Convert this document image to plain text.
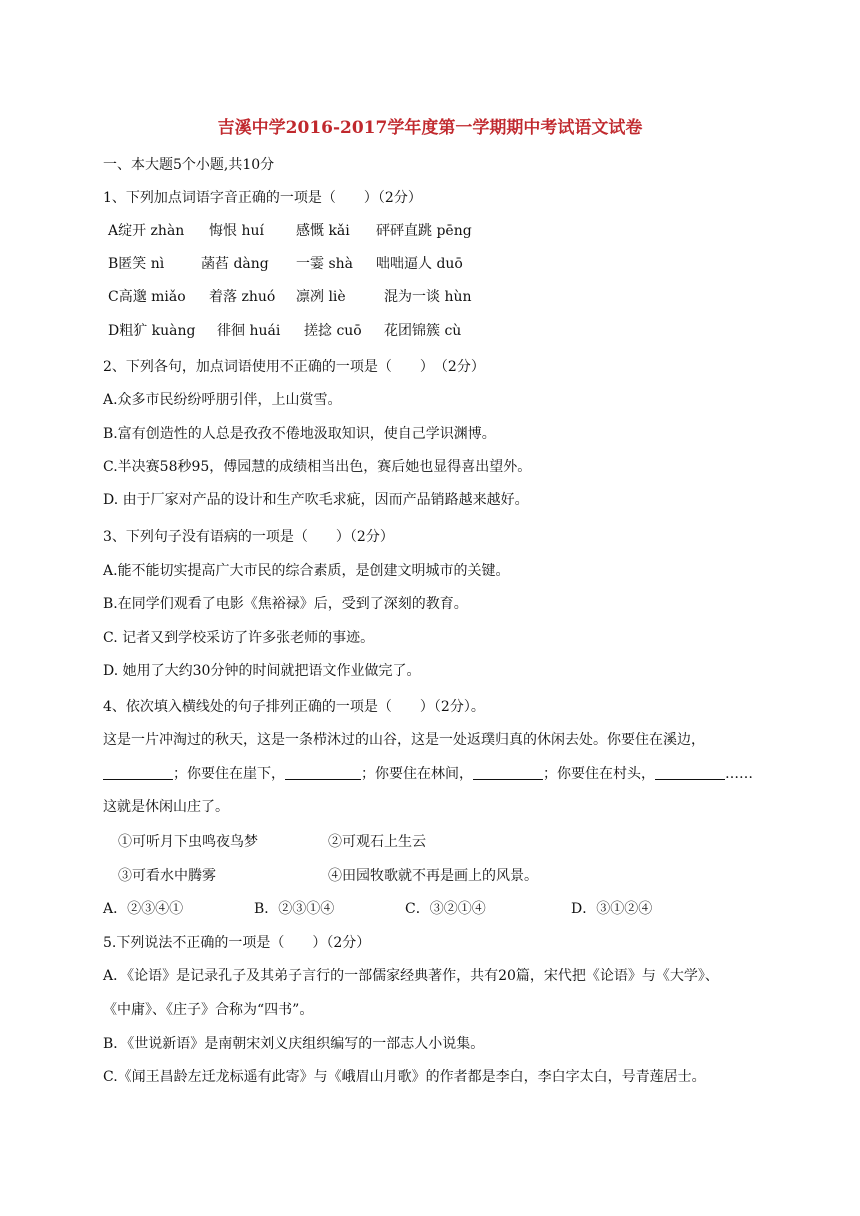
吉溪中学2016-2017学年度第一学期期中考试语文试卷
一、本大题5个小题,共10分
1、下列加点词语字音正确的一项是（　　）（2分）
A绽开 zhàn 悔恨 huí 感慨 kǎi 砰砰直跳 pēng
B匿笑 nì	菡萏 dàng 一霎 shà 咄咄逼人 duō
C高邈 miǎo 着落 zhuó 凛冽 liè	混为一谈 hùn
D粗犷 kuàng 徘徊 huái 搓捻 cuō 花团锦簇 cù
2、下列各句，加点词语使用不正确的一项是（　　）　（2分）
A.众多市民纷纷呼朋引伴，上山赏雪。
B.富有创造性的人总是孜孜不倦地汲取知识，使自己学识渊博。
C.半决赛58秒95，傅园慧的成绩相当出色，赛后她也显得喜出望外。
D. 由于厂家对产品的设计和生产吹毛求疵，因而产品销路越来越好。
3、下列句子没有语病的一项是（　　）（2分）
A.能不能切实提高广大市民的综合素质，是创建文明城市的关键。
B.在同学们观看了电影《焦裕禄》后，受到了深刻的教育。
C. 记者又到学校采访了许多张老师的事迹。
D. 她用了大约30分钟的时间就把语文作业做完了。
4、依次填入横线处的句子排列正确的一项是（　　）（2分）。
这是一片冲淘过的秋天，这是一条栉沐过的山谷，这是一处返璞归真的休闲去处。你要住在溪边，
；你要住在崖下，	；你要住在林间，	；你要住在村头，	……
这就是休闲山庄了。
①可听月下虫鸣夜鸟梦	②可观石上生云
③可看水中腾雾	④田园牧歌就不再是画上的风景。
A．②③④①	B．②③①④	C．③②①④	D．③①②④
5.下列说法不正确的一项是（　　）（2分）
A．《论语》是记录孔子及其弟子言行的一部儒家经典著作，共有20篇，宋代把《论语》与《大学》、
《中庸》、《庄子》合称为“四书”。
B．《世说新语》是南朝宋刘义庆组织编写的一部志人小说集。
C.《闻王昌龄左迁龙标遥有此寄》与《峨眉山月歌》的作者都是李白，李白字太白，号青莲居士。
